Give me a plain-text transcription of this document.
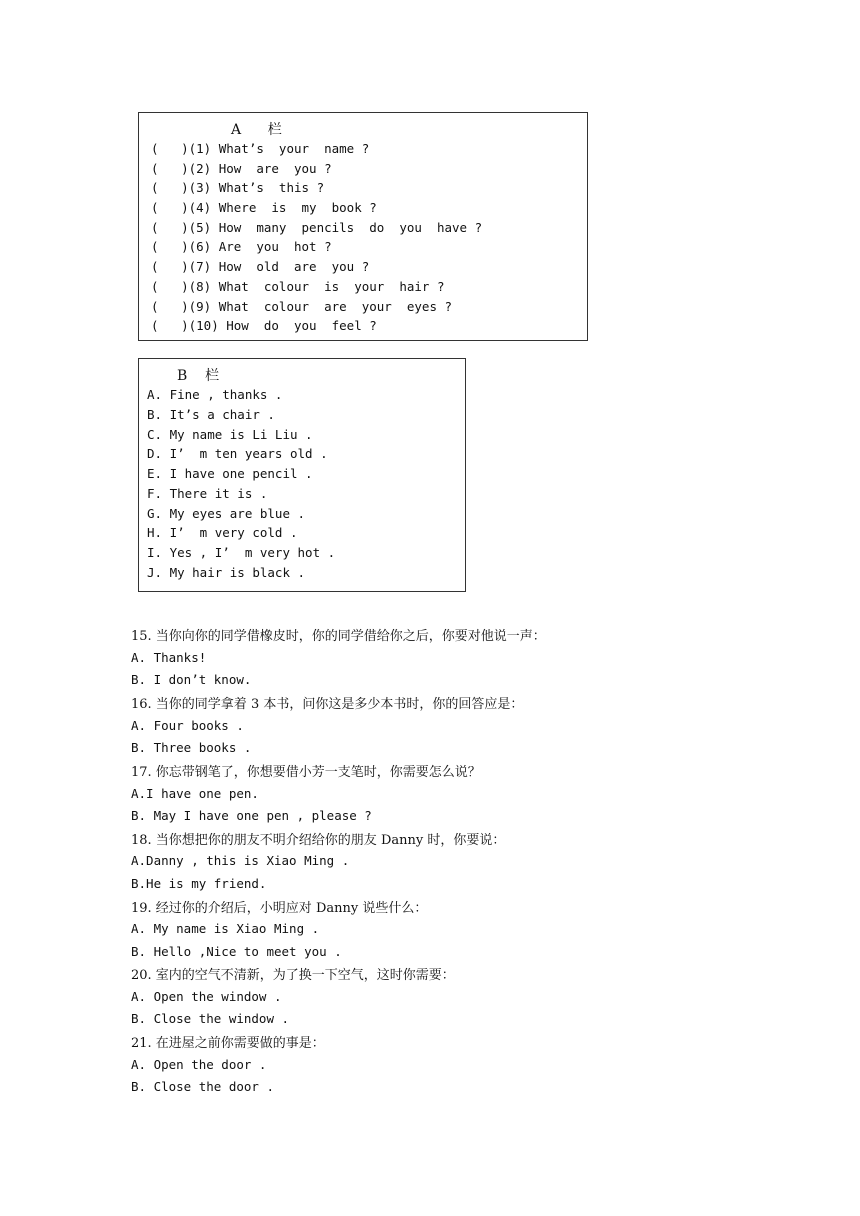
A      栏
(   )(1) What’s  your  name ?
(   )(2) How  are  you ?
(   )(3) What’s  this ?
(   )(4) Where  is  my  book ?
(   )(5) How  many  pencils  do  you  have ?
(   )(6) Are  you  hot ?
(   )(7) How  old  are  you ?
(   )(8) What  colour  is  your  hair ?
(   )(9) What  colour  are  your  eyes ?
(   )(10) How  do  you  feel ?
B    栏
A. Fine , thanks .
B. It’s a chair .
C. My name is Li Liu .
D. I’  m ten years old .
E. I have one pencil .
F. There it is .
G. My eyes are blue .
H. I’  m very cold .
I. Yes , I’  m very hot .
J. My hair is black .
15. 当你向你的同学借橡皮时，你的同学借给你之后，你要对他说一声：
A. Thanks!
B. I don’t know.
16. 当你的同学拿着 3 本书，问你这是多少本书时，你的回答应是：
A. Four books .
B. Three books .
17. 你忘带钢笔了，你想要借小芳一支笔时，你需要怎么说？
A.I have one pen.
B. May I have one pen , please ?
18. 当你想把你的朋友不明介绍给你的朋友 Danny 时，你要说：
A.Danny , this is Xiao Ming .
B.He is my friend.
19. 经过你的介绍后，小明应对 Danny 说些什么：
A. My name is Xiao Ming .
B. Hello ,Nice to meet you .
20. 室内的空气不清新，为了换一下空气，这时你需要：
A. Open the window .
B. Close the window .
21. 在进屋之前你需要做的事是：
A. Open the door .
B. Close the door .
